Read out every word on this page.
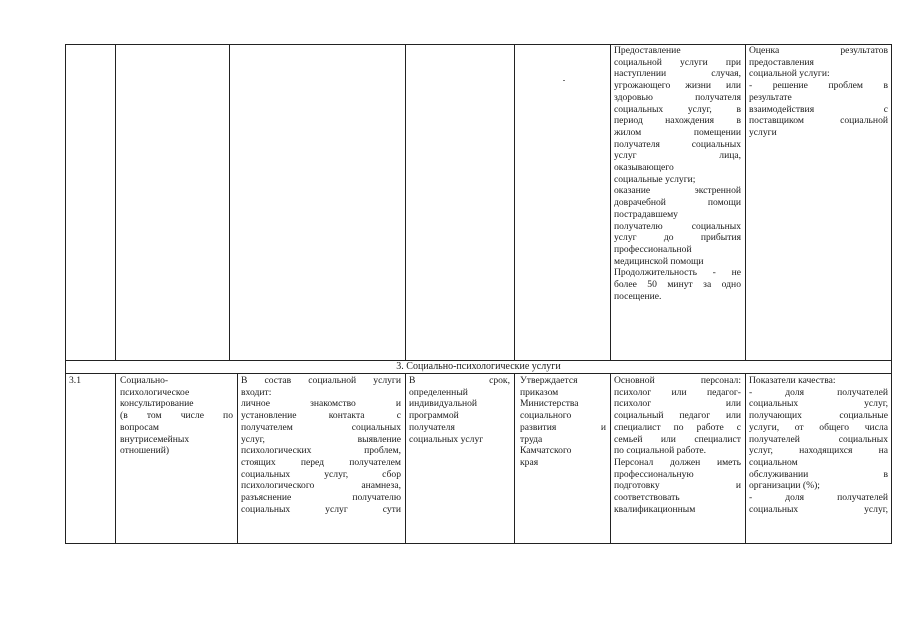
Предоставление
социальной услуги при
наступлении случая,
угрожающего жизни или
здоровью получателя
социальных услуг, в
период нахождения в
жилом помещении
получателя социальных
услуг лица,
оказывающего
социальные услуги;
оказание экстренной
доврачебной помощи
пострадавшему
получателю социальных
услуг до прибытия
профессиональной
медицинской помощи
Продолжительность - не
более 50 минут за одно
посещение.
Оценка результатов
предоставления
социальной услуги:
- решение проблем в
результате
взаимодействия с
поставщиком социальной
услуги
3. Социально-психологические услуги
3.1	Социально-
психологическое
консультирование
(в том числе по
вопросам
внутрисемейных
отношений)
В состав социальной услуги
входит:
личное знакомство и
установление контакта с
получателем социальных
услуг, выявление
психологических проблем,
стоящих перед получателем
социальных услуг, сбор
психологического анамнеза,
разъяснение получателю
социальных услуг сути
В срок,
определенный
индивидуальной
программой
получателя
социальных услуг
Утверждается
приказом
Министерства
социального
развития и
труда
Камчатского
края
Основной персонал:
психолог или педагог-
психолог или
социальный педагог или
специалист по работе с
семьей или специалист
по социальной работе.
Персонал должен иметь
профессиональную
подготовку и
соответствовать
квалификационным
Показатели качества:
- доля получателей
социальных услуг,
получающих социальные
услуги, от общего числа
получателей социальных
услуг, находящихся на
социальном
обслуживании в
организации (%);
- доля получателей
социальных услуг,
